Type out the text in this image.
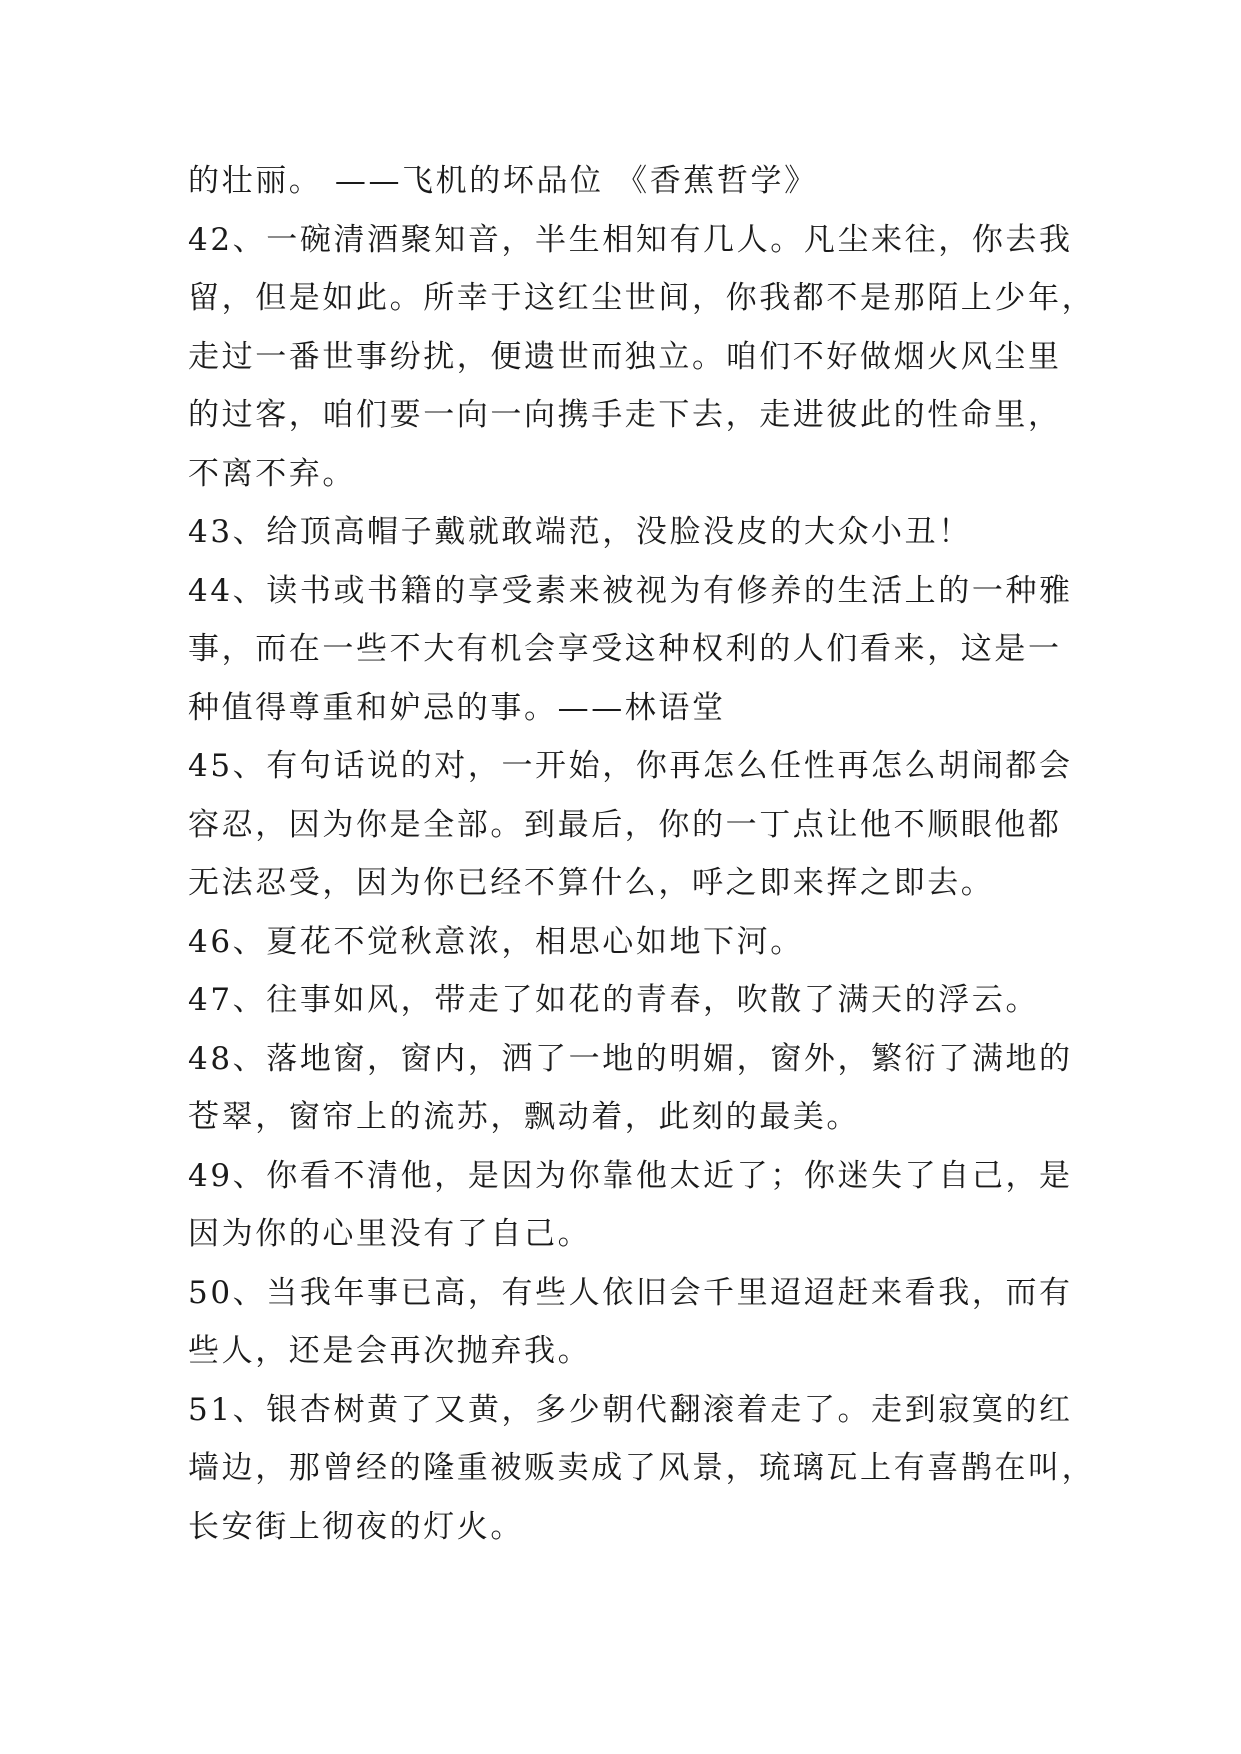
的壮丽。 ——飞机的坏品位 《香蕉哲学》
42、一碗清酒聚知音，半生相知有几人。凡尘来往，你去我
留，但是如此。所幸于这红尘世间，你我都不是那陌上少年，
走过一番世事纷扰，便遗世而独立。咱们不好做烟火风尘里
的过客，咱们要一向一向携手走下去，走进彼此的性命里，
不离不弃。
43、给顶高帽子戴就敢端范，没脸没皮的大众小丑！
44、读书或书籍的享受素来被视为有修养的生活上的一种雅
事，而在一些不大有机会享受这种权利的人们看来，这是一
种值得尊重和妒忌的事。——林语堂
45、有句话说的对，一开始，你再怎么任性再怎么胡闹都会
容忍，因为你是全部。到最后，你的一丁点让他不顺眼他都
无法忍受，因为你已经不算什么，呼之即来挥之即去。
46、夏花不觉秋意浓，相思心如地下河。
47、往事如风，带走了如花的青春，吹散了满天的浮云。
48、落地窗，窗内，洒了一地的明媚，窗外，繁衍了满地的
苍翠，窗帘上的流苏，飘动着，此刻的最美。
49、你看不清他，是因为你靠他太近了；你迷失了自己，是
因为你的心里没有了自己。
50、当我年事已高，有些人依旧会千里迢迢赶来看我，而有
些人，还是会再次抛弃我。
51、银杏树黄了又黄，多少朝代翻滚着走了。走到寂寞的红
墙边，那曾经的隆重被贩卖成了风景，琉璃瓦上有喜鹊在叫，
长安街上彻夜的灯火。
